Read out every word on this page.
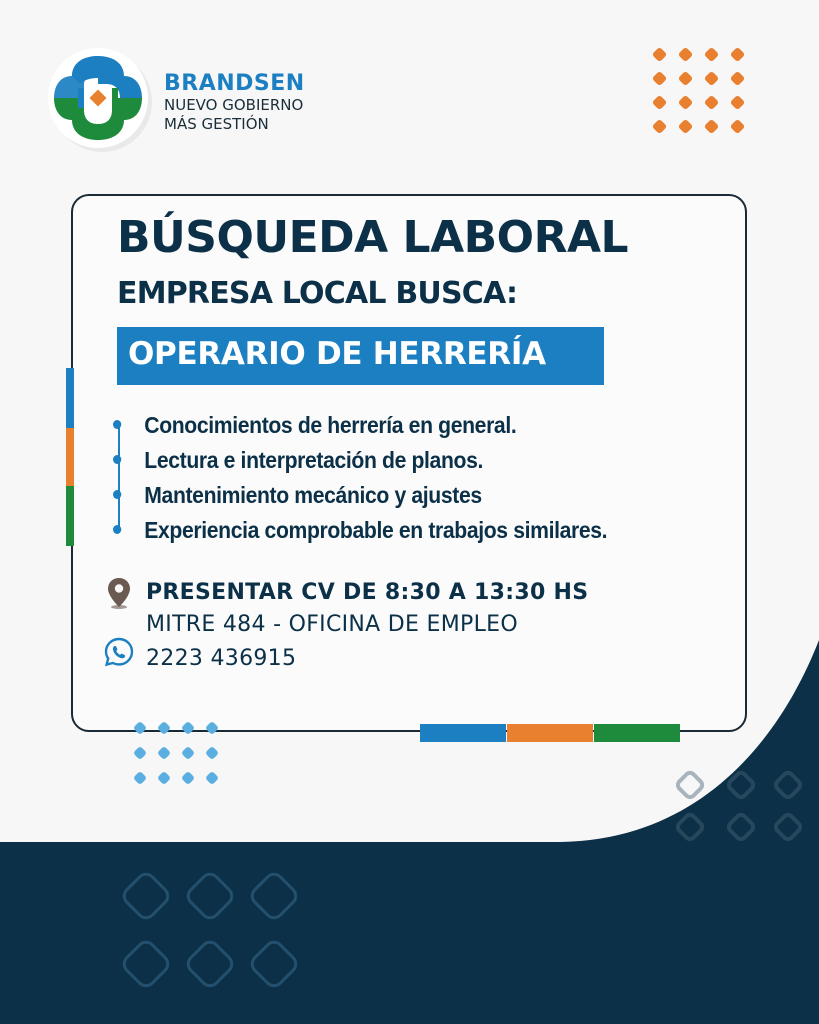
BRANDSEN
NUEVO GOBIERNO
MÁS GESTIÓN
BÚSQUEDA LABORAL
EMPRESA LOCAL BUSCA:
OPERARIO DE HERRERÍA
Conocimientos de herrería en general.
Lectura e interpretación de planos.
Mantenimiento mecánico y ajustes
Experiencia comprobable en trabajos similares.
PRESENTAR CV DE 8:30 A 13:30 HS
MITRE 484 - OFICINA DE EMPLEO
2223 436915
